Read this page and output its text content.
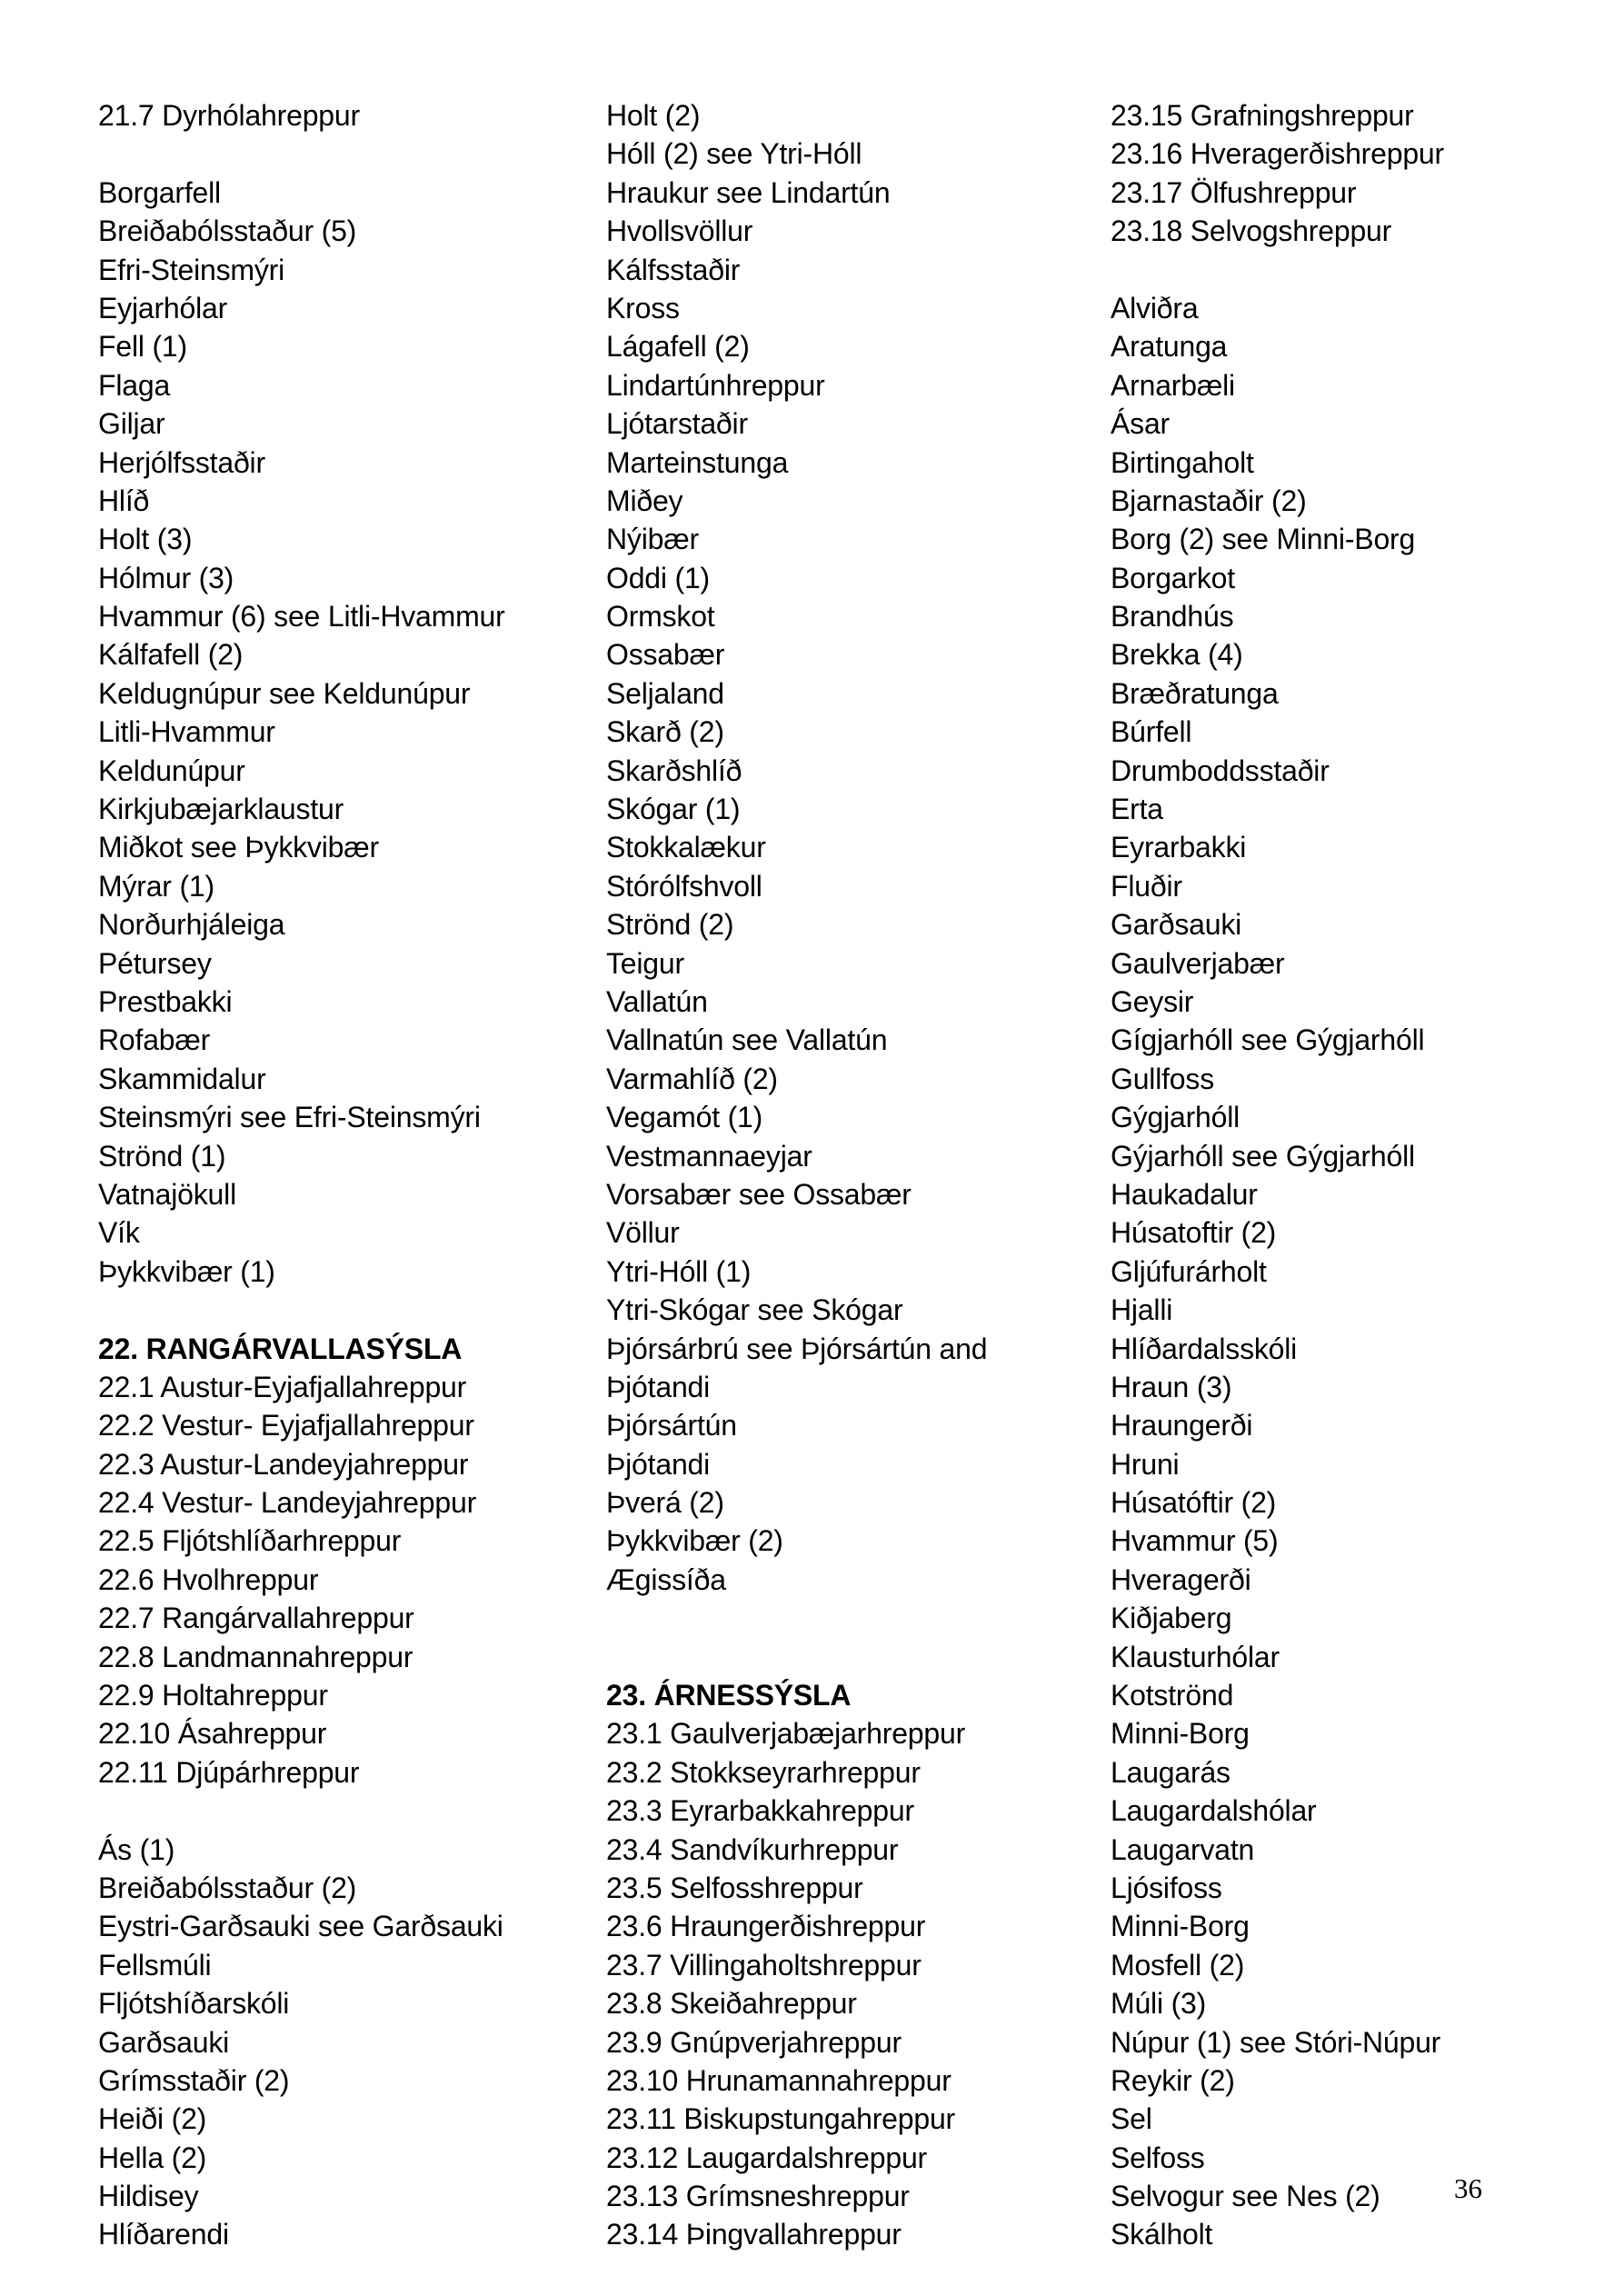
21.7 Dyrhólahreppur
Borgarfell
Breiðabólsstaður (5)
Efri-Steinsmýri
Eyjarhólar
Fell (1)
Flaga
Giljar
Herjólfsstaðir
Hlíð
Holt (3)
Hólmur (3)
Hvammur (6) see Litli-Hvammur
Kálfafell (2)
Keldugnúpur see Keldunúpur
Litli-Hvammur
Keldunúpur
Kirkjubæjarklaustur
Miðkot see Þykkvibær
Mýrar (1)
Norðurhjáleiga
Pétursey
Prestbakki
Rofabær
Skammidalur
Steinsmýri see Efri-Steinsmýri
Strönd (1)
Vatnajökull
Vík
Þykkvibær (1)
22. RANGÁRVALLASÝSLA
22.1 Austur-Eyjafjallahreppur
22.2 Vestur- Eyjafjallahreppur
22.3 Austur-Landeyjahreppur
22.4 Vestur- Landeyjahreppur
22.5 Fljótshlíðarhreppur
22.6 Hvolhreppur
22.7 Rangárvallahreppur
22.8 Landmannahreppur
22.9 Holtahreppur
22.10 Ásahreppur
22.11 Djúpárhreppur
Ás (1)
Breiðabólsstaður (2)
Eystri-Garðsauki see Garðsauki
Fellsmúli
Fljótshíðarskóli
Garðsauki
Grímsstaðir (2)
Heiði (2)
Hella (2)
Hildisey
Hlíðarendi
Holt (2)
Hóll (2) see Ytri-Hóll
Hraukur see Lindartún
Hvollsvöllur
Kálfsstaðir
Kross
Lágafell (2)
Lindartúnhreppur
Ljótarstaðir
Marteinstunga
Miðey
Nýibær
Oddi (1)
Ormskot
Ossabær
Seljaland
Skarð (2)
Skarðshlíð
Skógar (1)
Stokkalækur
Stórólfshvoll
Strönd (2)
Teigur
Vallatún
Vallnatún see Vallatún
Varmahlíð (2)
Vegamót (1)
Vestmannaeyjar
Vorsabær see Ossabær
Völlur
Ytri-Hóll (1)
Ytri-Skógar see Skógar
Þjórsárbrú see Þjórsártún and
Þjótandi
Þjórsártún
Þjótandi
Þverá (2)
Þykkvibær (2)
Ægissíða
23. ÁRNESSÝSLA
23.1 Gaulverjabæjarhreppur
23.2 Stokkseyrarhreppur
23.3 Eyrarbakkahreppur
23.4 Sandvíkurhreppur
23.5 Selfosshreppur
23.6 Hraungerðishreppur
23.7 Villingaholtshreppur
23.8 Skeiðahreppur
23.9 Gnúpverjahreppur
23.10 Hrunamannahreppur
23.11 Biskupstungahreppur
23.12 Laugardalshreppur
23.13 Grímsneshreppur
23.14 Þingvallahreppur
23.15 Grafningshreppur
23.16 Hveragerðishreppur
23.17 Ölfushreppur
23.18 Selvogshreppur
Alviðra
Aratunga
Arnarbæli
Ásar
Birtingaholt
Bjarnastaðir (2)
Borg (2) see Minni-Borg
Borgarkot
Brandhús
Brekka (4)
Bræðratunga
Búrfell
Drumboddsstaðir
Erta
Eyrarbakki
Fluðir
Garðsauki
Gaulverjabær
Geysir
Gígjarhóll see Gýgjarhóll
Gullfoss
Gýgjarhóll
Gýjarhóll see Gýgjarhóll
Haukadalur
Húsatoftir (2)
Gljúfurárholt
Hjalli
Hlíðardalsskóli
Hraun (3)
Hraungerði
Hruni
Húsatóftir (2)
Hvammur (5)
Hveragerði
Kiðjaberg
Klausturhólar
Kotströnd
Minni-Borg
Laugarás
Laugardalshólar
Laugarvatn
Ljósifoss
Minni-Borg
Mosfell (2)
Múli (3)
Núpur (1) see Stóri-Núpur
Reykir (2)
Sel
Selfoss
Selvogur see Nes (2)
Skálholt
36
